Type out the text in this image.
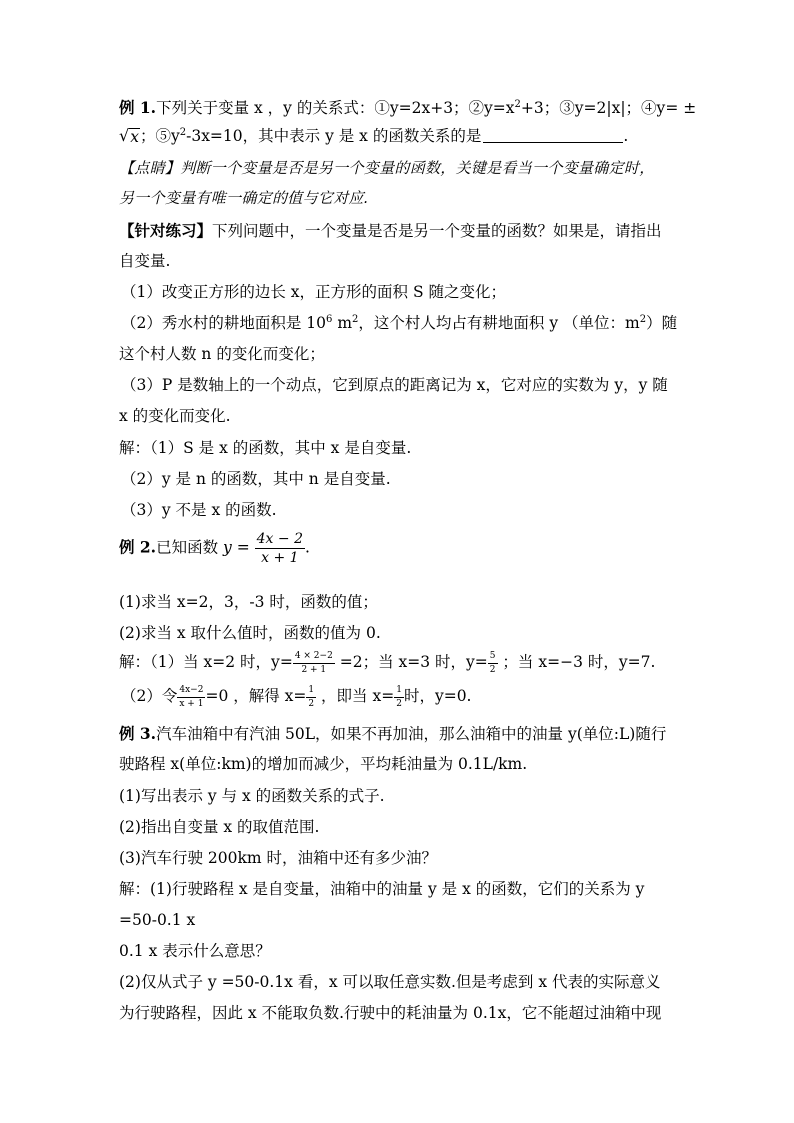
例 1.下列关于变量 x ，y 的关系式：①y=2x+3；$②y=x^2+3$；③y=2|x|；④y= ±
√ x ；$⑤y^2-3x=10$，其中表示 y 是 x 的函数关系的是	.
【点睛】判断一个变量是否是另一个变量的函数，关键是看当一个变量确定时，
另一个变量有唯一确定的值与它对应.
【针对练习】下列问题中，一个变量是否是另一个变量的函数？如果是，请指出
自变量.
（1）改变正方形的边长 x，正方形的面积 S 随之变化；
（2）秀水村的耕地面积是 $10^6$ $m^2$，这个村人均占有耕地面积 y （单位：$m^2$）随
这个村人数 n 的变化而变化；
（3）P 是数轴上的一个动点，它到原点的距离记为 x，它对应的实数为 y，y 随
x 的变化而变化.
解：（1）S 是 x 的函数，其中 x 是自变量.
（2）y 是 n 的函数，其中 n 是自变量.
（3）y 不是 x 的函数.
例 2.已知函数 $y = \frac{4x - 2}{x + 1}$ .
(1)求当 x=2，3，-3 时，函数的值；
(2)求当 x 取什么值时，函数的值为 0.
解：（1）当 x=2 时，$y= \frac{4 \times 2-2}{2 + 1} =2$；当 x=3 时，$y= \frac{5}{2}$ ；当 x=−3 时，y=7.
（2）令 $\frac{4x-2}{x + 1} =0$ ，解得 $x= \frac{1}{2}$ ，即当 $x= \frac{1}{2}$ 时，y=0.
例 3.汽车油箱中有汽油 50L，如果不再加油，那么油箱中的油量 y(单位:L)随行
驶路程 x(单位:km)的增加而减少，平均耗油量为 0.1L/km.
(1)写出表示 y 与 x 的函数关系的式子.
(2)指出自变量 x 的取值范围.
(3)汽车行驶 200km 时，油箱中还有多少油？
解：(1)行驶路程 x 是自变量，油箱中的油量 y 是 x 的函数，它们的关系为 y
=50-0.1 x
0.1 x 表示什么意思？
(2)仅从式子 y =50-0.1x 看，x 可以取任意实数.但是考虑到 x 代表的实际意义
为行驶路程，因此 x 不能取负数.行驶中的耗油量为 0.1x，它不能超过油箱中现
